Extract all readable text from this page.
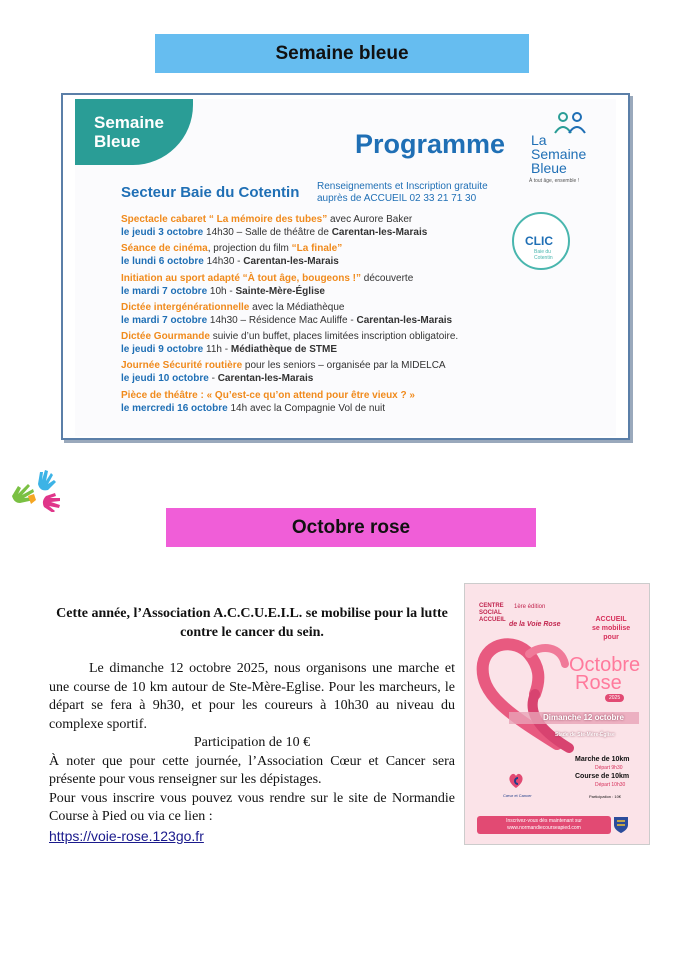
Semaine bleue
Semaine
Bleue	Programme La
Semaine
Bleue
À tout âge, ensemble !
Secteur Baie du Cotentin Renseignements et Inscription gratuite
auprès de ACCUEIL 02 33 21 71 30
CLIC
Baie du Cotentin
Spectacle cabaret “ La mémoire des tubes” avec Aurore Baker
le jeudi 3 octobre 14h30 – Salle de théâtre de Carentan-les-Marais
Séance de cinéma, projection du film “La finale”
le lundi 6 octobre 14h30 - Carentan-les-Marais
Initiation au sport adapté “À tout âge, bougeons !” découverte
le mardi 7 octobre 10h - Sainte-Mère-Église
Dictée intergénérationnelle avec la Médiathèque
le mardi 7 octobre 14h30 – Résidence Mac Auliffe - Carentan-les-Marais
Dictée Gourmande suivie d’un buffet, places limitées inscription obligatoire.
le jeudi 9 octobre 11h - Médiathèque de STME
Journée Sécurité routière pour les seniors – organisée par la MIDELCA
le jeudi 10 octobre - Carentan-les-Marais
Pièce de théâtre : « Qu’est-ce qu’on attend pour être vieux ? »
le mercredi 16 octobre 14h avec la Compagnie Vol de nuit
Octobre rose
Cette année, l’Association A.C.C.U.E.I.L. se mobilise pour la lutte contre le cancer du sein.

Le dimanche 12 octobre 2025, nous organisons une marche et une course de 10 km autour de Ste-Mère-Eglise. Pour les marcheurs, le départ se fera à 9h30, et pour les coureurs à 10h30 au niveau du complexe sportif.

Participation de 10 €

À noter que pour cette journée, l’Association Cœur et Cancer sera présente pour vous renseigner sur les dépistages.

Pour vous inscrire vous pouvez vous rendre sur le site de Normandie Course à Pied ou via ce lien :

https://voie-rose.123go.fr

CENTRE
SOCIAL
ACCUEIL
1ère édition
de la Voie Rose
ACCUEIL
se mobilise
pour
Octobre
Rose
2025
Dimanche 12 octobre
Stade de Ste-Mère-Église
Marche de 10km
Départ 9h30
Course de 10km
Départ 10h30
Participation : 10€
Cœur et Cancer
Inscrivez-vous dès maintenant sur
www.normandiecourseapied.com
